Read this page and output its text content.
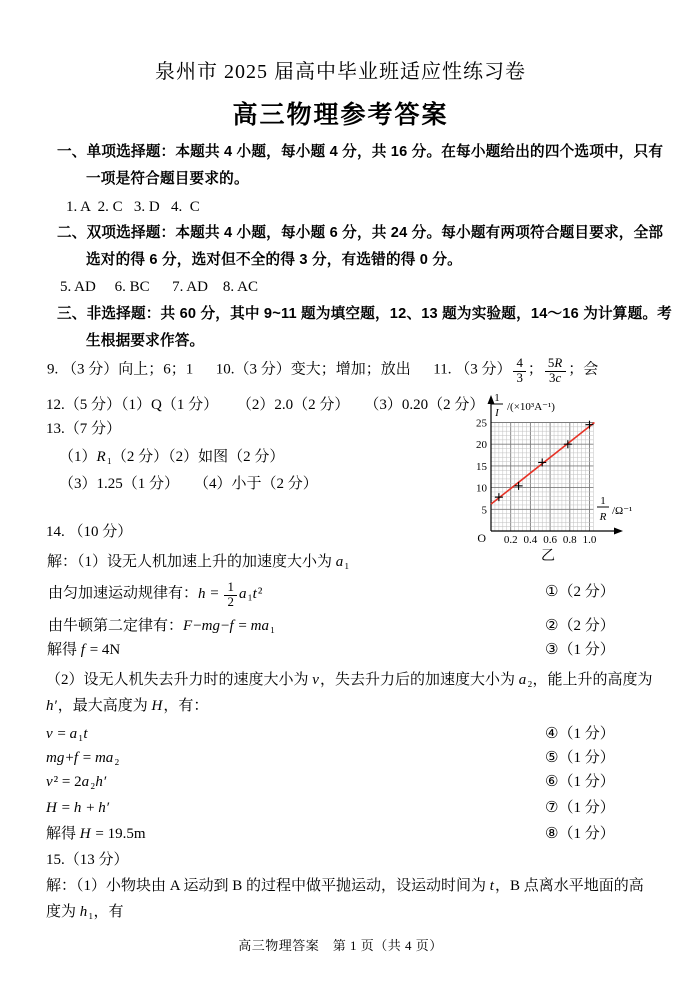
泉州市 2025 届高中毕业班适应性练习卷
高三物理参考答案
一、单项选择题：本题共 4 小题，每小题 4 分，共 16 分。在每小题给出的四个选项中，只有
一项是符合题目要求的。
1. A  2. C   3. D   4.  C
二、双项选择题：本题共 4 小题，每小题 6 分，共 24 分。每小题有两项符合题目要求，全部
选对的得 6 分，选对但不全的得 3 分，有选错的得 0 分。
5. AD     6. BC      7. AD    8. AC
三、非选择题：共 60 分，其中 9~11 题为填空题，12、13 题为实验题，14～16 为计算题。考
生根据要求作答。
9. （3 分）向上；6；1      10.（3 分）变大；增加；放出      11. （3 分） $\frac{4}{3}$ ； $\frac{5R}{3c}$ ；会
12.（5 分）（1）Q（1 分）     （2）2.0（2 分）    （3）0.20（2 分）
13.（7 分）
（1）R₁（2 分）（2）如图（2 分）
（3）1.25（1 分）    （4）小于（2 分）
5
10
15
20
25
0.2 0.4 0.6 0.8 1.0
O
1
I /(×10³A⁻¹)
1
R /Ω⁻¹
乙
14. （10 分）
解：（1）设无人机加速上升的加速度大小为 a₁
由匀加速运动规律有：$h = \frac{1}{2} a_1t^2$	①（2 分）
由牛顿第二定律有：F−mg−f = ma₁	②（2 分）
解得 f = 4N	③（1 分）
（2）设无人机失去升力时的速度大小为 v，失去升力后的加速度大小为 a₂，能上升的高度为
h′，最大高度为 H，有：
v = a₁t	④（1 分）
mg+f = ma₂	⑤（1 分）
v² = 2a₂h′	⑥（1 分）
H = h + h′	⑦（1 分）
解得 H = 19.5m	⑧（1 分）
15.（13 分）
解：（1）小物块由 A 运动到 B 的过程中做平抛运动，设运动时间为 t，B 点离水平地面的高
度为 h₁，有
高三物理答案　第 1 页（共 4 页）
